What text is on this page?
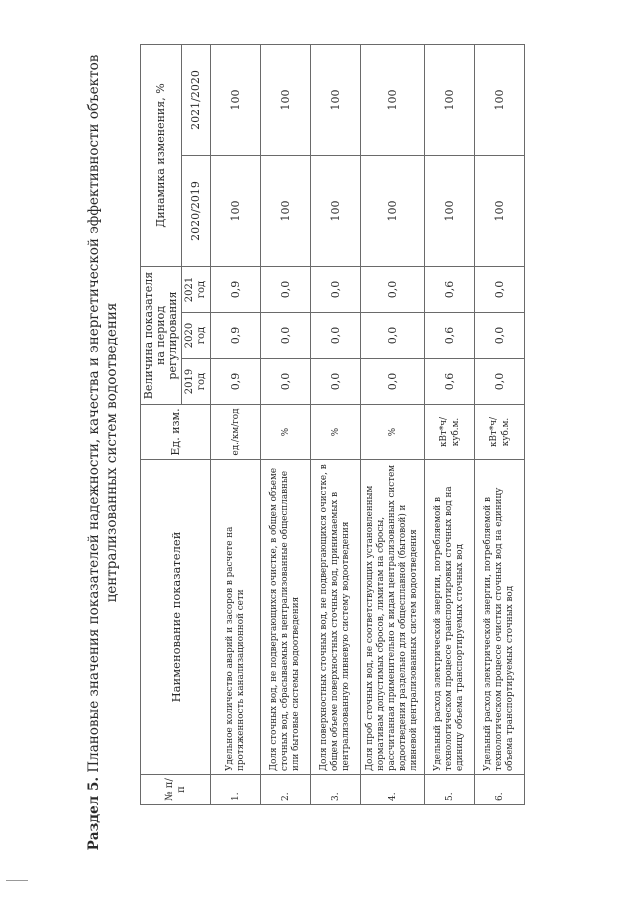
Раздел 5. Плановые значения показателей надежности, качества и энергетической эффективности объектов централизованных систем водоотведения
№ п/п	Наименование показателей	Ед. изм.	Величина показателя на период регулирования			Динамика изменения, %	
			2019 год	2020 год	2021 год	2020/2019	2021/2020
1.	Удельное количество аварий и засоров в расчете на протяженность канализационной сети	ед./км/год	0,9	0,9	0,9	100	100
2.	Доля сточных вод, не подвергающихся очистке, в общем объеме сточных вод, сбрасываемых в централизованные общесплавные или бытовые системы водоотведения	%	0,0	0,0	0,0	100	100
3.	Доля поверхностных сточных вод, не подвергающихся очистке, в общем объеме поверхностных сточных вод, принимаемых в централизованную ливневую систему водоотведения	%	0,0	0,0	0,0	100	100
4.	Доля проб сточных вод, не соответствующих установленным нормативам допустимых сбросов, лимитам на сбросы, рассчитанная применительно к видам централизованных систем водоотведения раздельно для общесплавной (бытовой) и ливневой централизованных систем водоотведения	%	0,0	0,0	0,0	100	100
5.	Удельный расход электрической энергии, потребляемой в технологическом процессе транспортировки сточных вод на единицу объема транспортируемых сточных вод	кВт*ч/куб.м.	0,6	0,6	0,6	100	100
6.	Удельный расход электрической энергии, потребляемой в технологическом процессе очистки сточных вод на единицу объема транспортируемых сточных вод	кВт*ч/куб.м.	0,0	0,0	0,0	100	100
